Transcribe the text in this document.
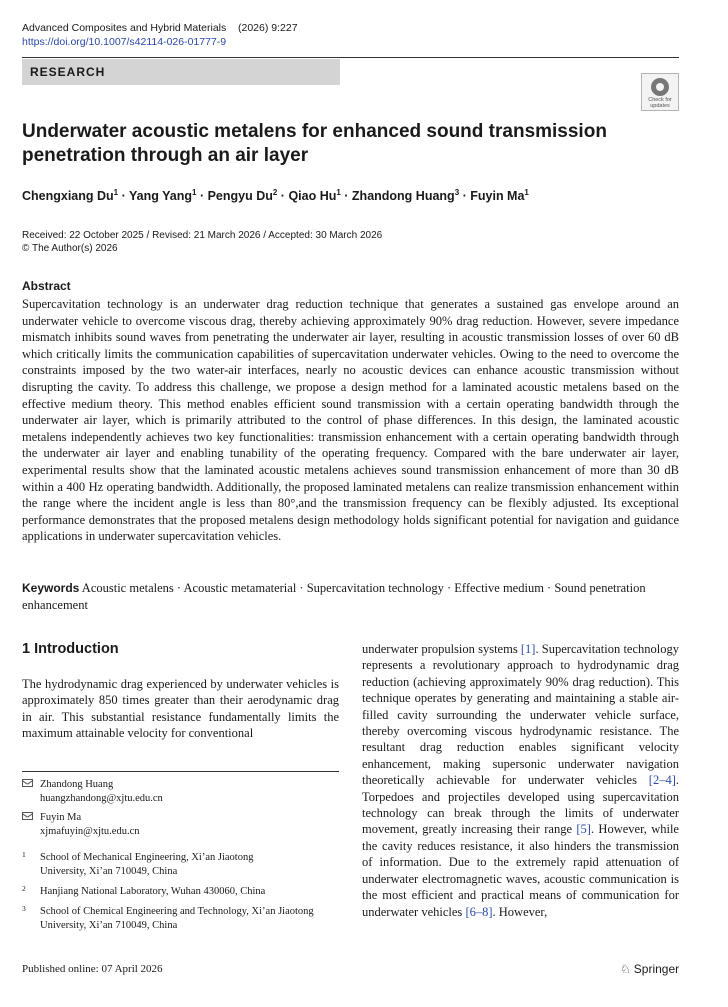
Advanced Composites and Hybrid Materials (2026) 9:227
https://doi.org/10.1007/s42114-026-01777-9
RESEARCH
Check for
updates
Underwater acoustic metalens for enhanced sound transmission penetration through an air layer
Chengxiang $Du^1$ · Yang Yang$^1$ · Pengyu $Du^2$ · Qiao $Hu^1$ · Zhandong Huang$^3$ · Fuyin Ma$^1$
Received: 22 October 2025 / Revised: 21 March 2026 / Accepted: 30 March 2026
© The Author(s) 2026
Abstract

Supercavitation technology is an underwater drag reduction technique that generates a sustained gas envelope around an underwater vehicle to overcome viscous drag, thereby achieving approximately 90% drag reduction. However, severe impedance mismatch inhibits sound waves from penetrating the underwater air layer, resulting in acoustic transmission losses of over 60 dB which critically limits the communication capabilities of supercavitation underwater vehicles. Owing to the need to overcome the constraints imposed by the two water-air interfaces, nearly no acoustic devices can enhance acoustic transmission without disrupting the cavity. To address this challenge, we propose a design method for a laminated acoustic metalens based on the effective medium theory. This method enables efficient sound transmission with a certain operating bandwidth through the underwater air layer, which is primarily attributed to the control of phase differences. In this design, the laminated acoustic metalens independently achieves two key functionalities: transmission enhancement with a certain operating bandwidth through the underwater air layer and enabling tunability of the operating frequency. Compared with the bare underwater air layer, experimental results show that the laminated acoustic metalens achieves sound transmission enhancement of more than 30 dB within a 400 Hz operating bandwidth. Additionally, the proposed laminated metalens can realize transmission enhancement within the range where the incident angle is less than 80°,and the transmission frequency can be flexibly adjusted. Its exceptional performance demonstrates that the proposed metalens design methodology holds significant potential for navigation and guidance applications in underwater supercavitation vehicles.

Keywords Acoustic metalens · Acoustic metamaterial · Supercavitation technology · Effective medium · Sound penetration enhancement
1 Introduction

The hydrodynamic drag experienced by underwater vehicles is approximately 850 times greater than their aerodynamic drag in air. This substantial resistance fundamentally limits the maximum attainable velocity for conventional

underwater propulsion systems [1]. Supercavitation technology represents a revolutionary approach to hydrodynamic drag reduction (achieving approximately 90% drag reduction). This technique operates by generating and maintaining a stable air-filled cavity surrounding the underwater vehicle surface, thereby overcoming viscous hydrodynamic resistance. The resultant drag reduction enables significant velocity enhancement, making supersonic underwater navigation theoretically achievable for underwater vehicles [2–4]. Torpedoes and projectiles developed using supercavitation technology can break through the limits of underwater movement, greatly increasing their range [5]. However, while the cavity reduces resistance, it also hinders the transmission of information. Due to the extremely rapid attenuation of underwater electromagnetic waves, acoustic communication is the most efficient and practical means of communication for underwater vehicles [6–8]. However,

Zhandong Huang
huangzhandong@xjtu.edu.cn
Fuyin Ma
xjmafuyin@xjtu.edu.cn
1 School of Mechanical Engineering, Xi’an Jiaotong University, Xi’an 710049, China
2 Hanjiang National Laboratory, Wuhan 430060, China
3 School of Chemical Engineering and Technology, Xi’an Jiaotong University, Xi’an 710049, China
Published online: 07 April 2026	♘ Springer
